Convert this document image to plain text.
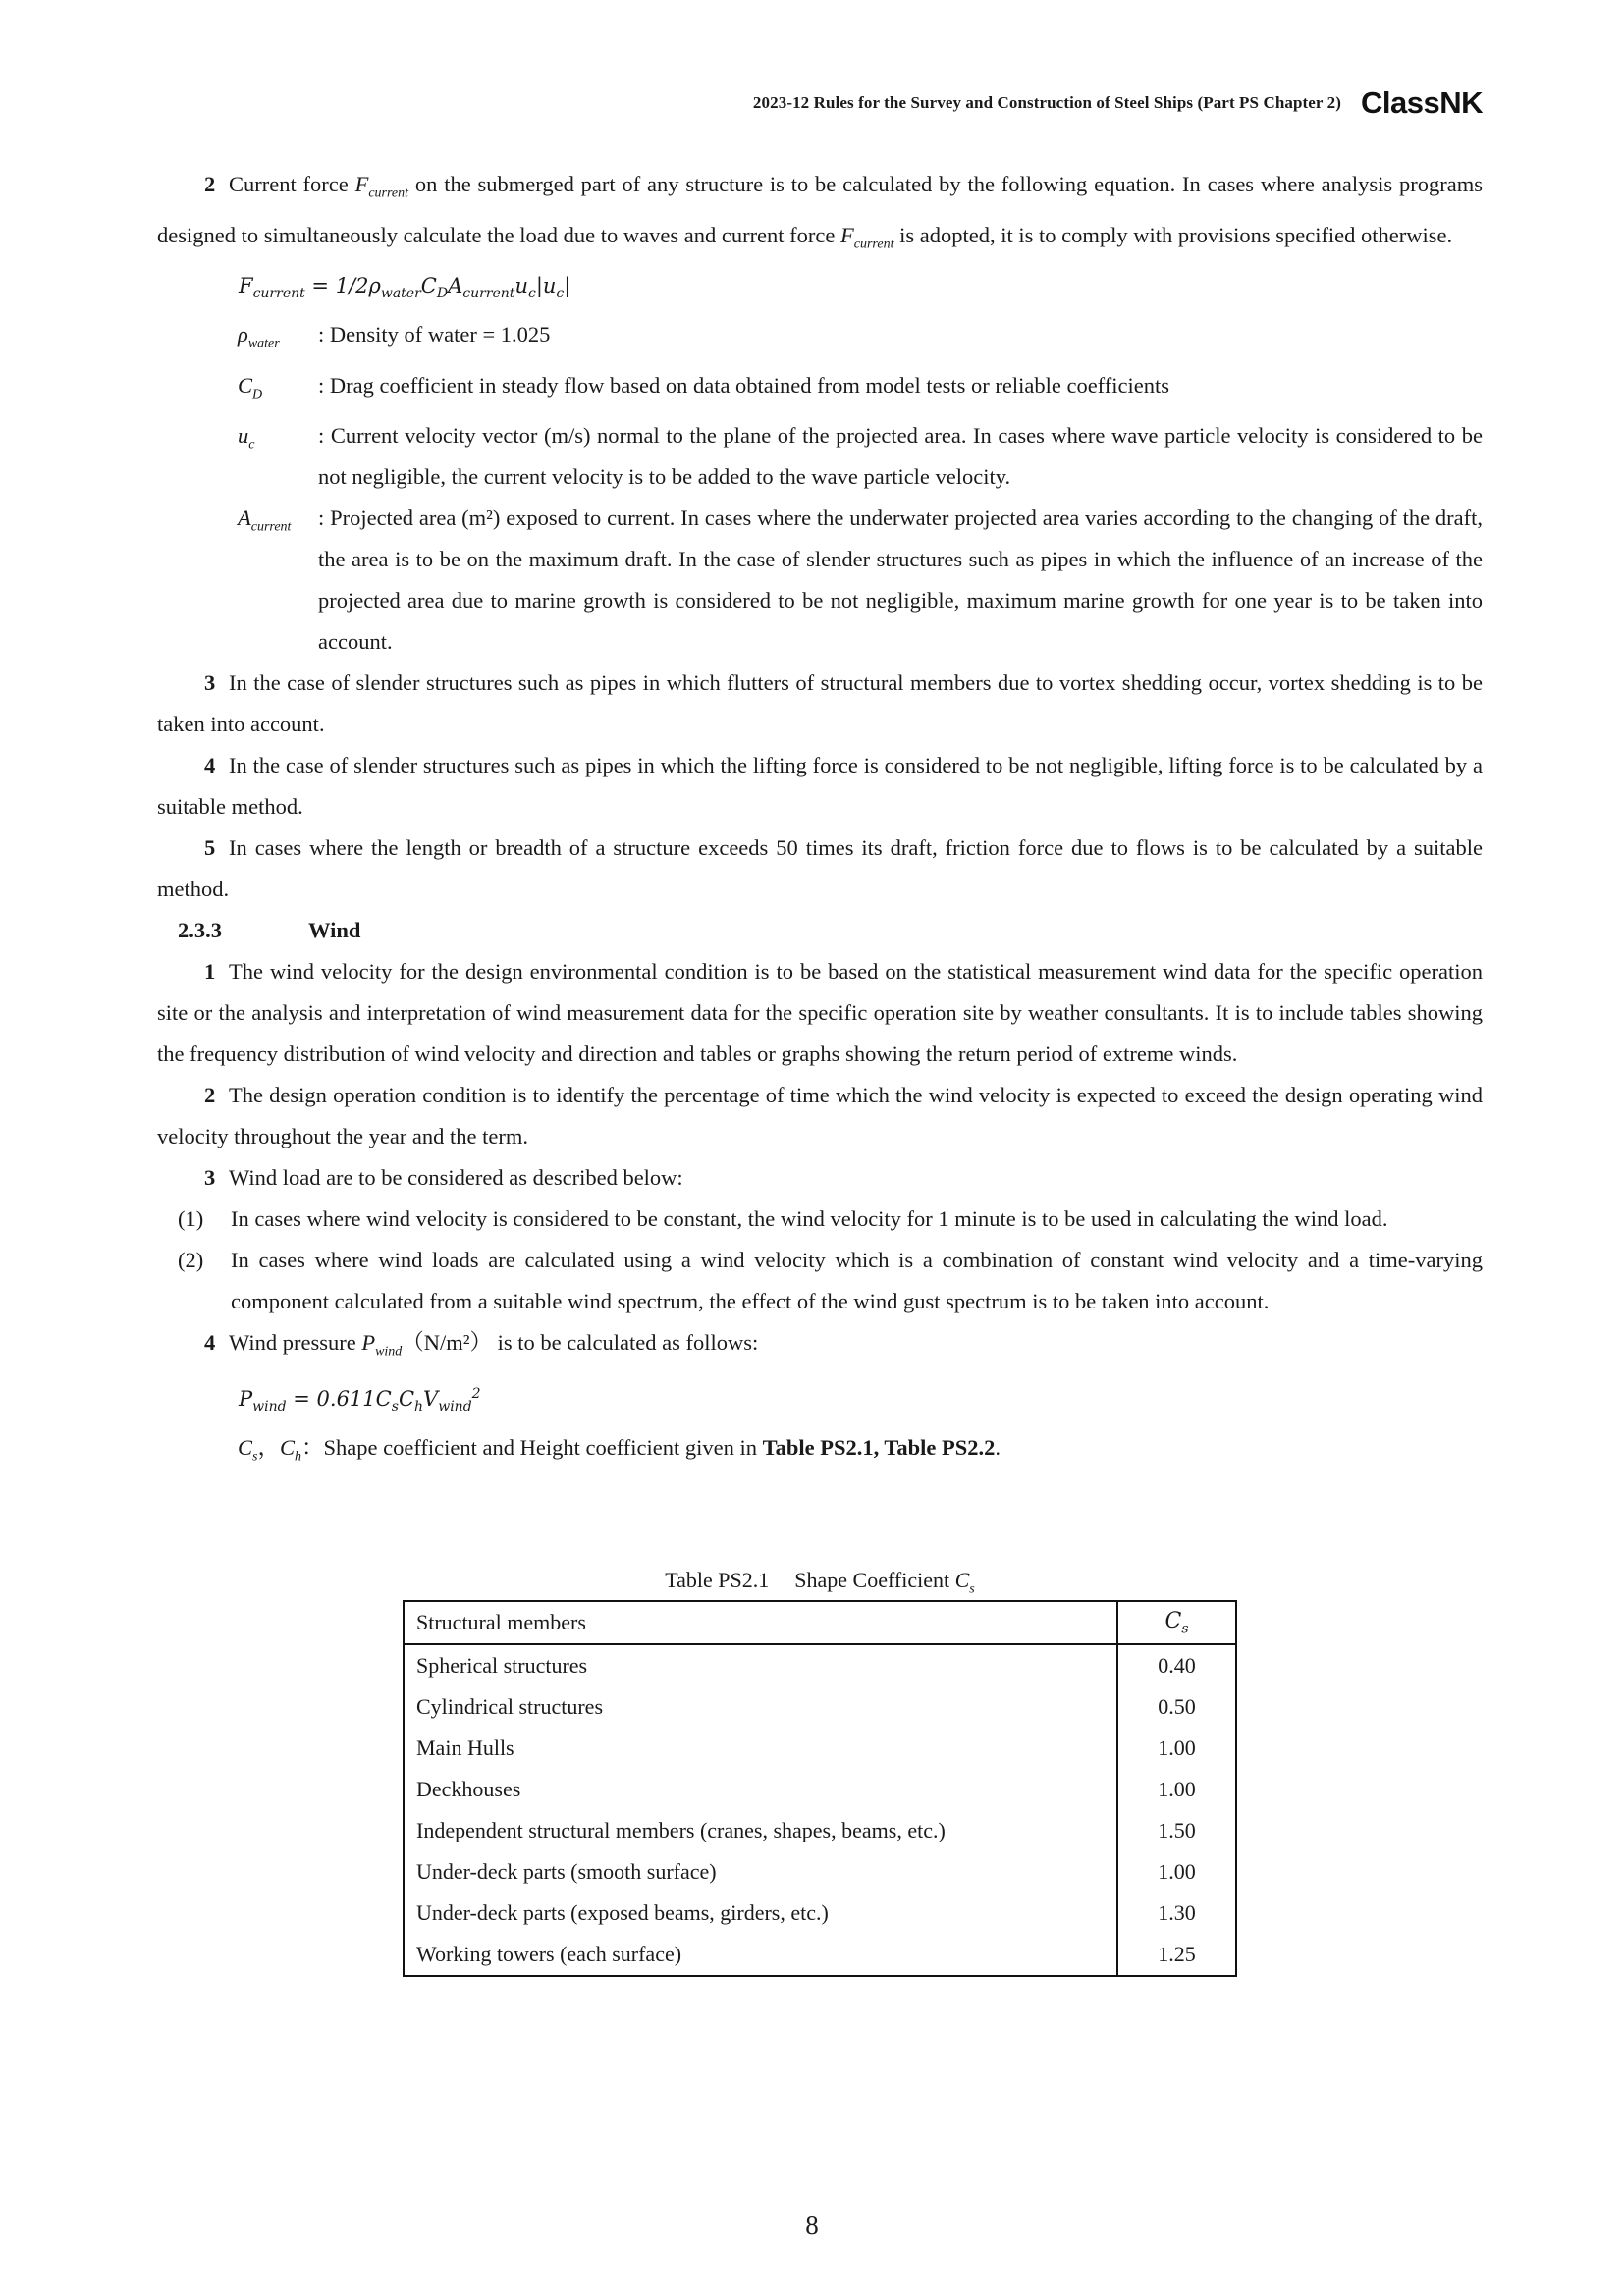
2023-12 Rules for the Survey and Construction of Steel Ships (Part PS Chapter 2) ClassNK

2 Current force $F_{current}$ on the submerged part of any structure is to be calculated by the following equation. In cases where analysis programs designed to simultaneously calculate the load due to waves and current force $F_{current}$ is adopted, it is to comply with provisions specified otherwise.

$F_{current} = 1/2\rho_{water}C_DA_{current}u_c|u_c|$

$\rho_{water}$	: Density of water = 1.025
$C_D$	: Drag coefficient in steady flow based on data obtained from model tests or reliable coefficients
$u_c$	: Current velocity vector (m/s) normal to the plane of the projected area. In cases where wave particle velocity is considered to be not negligible, the current velocity is to be added to the wave particle velocity.
$A_{current}$	: Projected area (m²) exposed to current. In cases where the underwater projected area varies according to the changing of the draft, the area is to be on the maximum draft. In the case of slender structures such as pipes in which the influence of an increase of the projected area due to marine growth is considered to be not negligible, maximum marine growth for one year is to be taken into account.

3 In the case of slender structures such as pipes in which flutters of structural members due to vortex shedding occur, vortex shedding is to be taken into account.

4 In the case of slender structures such as pipes in which the lifting force is considered to be not negligible, lifting force is to be calculated by a suitable method.

5 In cases where the length or breadth of a structure exceeds 50 times its draft, friction force due to flows is to be calculated by a suitable method.

2.3.3	Wind

1 The wind velocity for the design environmental condition is to be based on the statistical measurement wind data for the specific operation site or the analysis and interpretation of wind measurement data for the specific operation site by weather consultants. It is to include tables showing the frequency distribution of wind velocity and direction and tables or graphs showing the return period of extreme winds.

2 The design operation condition is to identify the percentage of time which the wind velocity is expected to exceed the design operating wind velocity throughout the year and the term.

3 Wind load are to be considered as described below:

(1)	In cases where wind velocity is considered to be constant, the wind velocity for 1 minute is to be used in calculating the wind load.
(2)	In cases where wind loads are calculated using a wind velocity which is a combination of constant wind velocity and a time-varying component calculated from a suitable wind spectrum, the effect of the wind gust spectrum is to be taken into account.

4 Wind pressure $P_{wind}(N/m^2)$ is to be calculated as follows:

$P_{wind} = 0.611C_sC_hV_{wind}^2$

$C_s$，$C_h$：Shape coefficient and Height coefficient given in Table PS2.1, Table PS2.2.
Table PS2.1 Shape Coefficient $C_s$
Structural members	$C_s$
Spherical structures	0.40
Cylindrical structures	0.50
Main Hulls	1.00
Deckhouses	1.00
Independent structural members (cranes, shapes, beams, etc.)	1.50
Under-deck parts (smooth surface)	1.00
Under-deck parts (exposed beams, girders, etc.)	1.30
Working towers (each surface)	1.25
8
